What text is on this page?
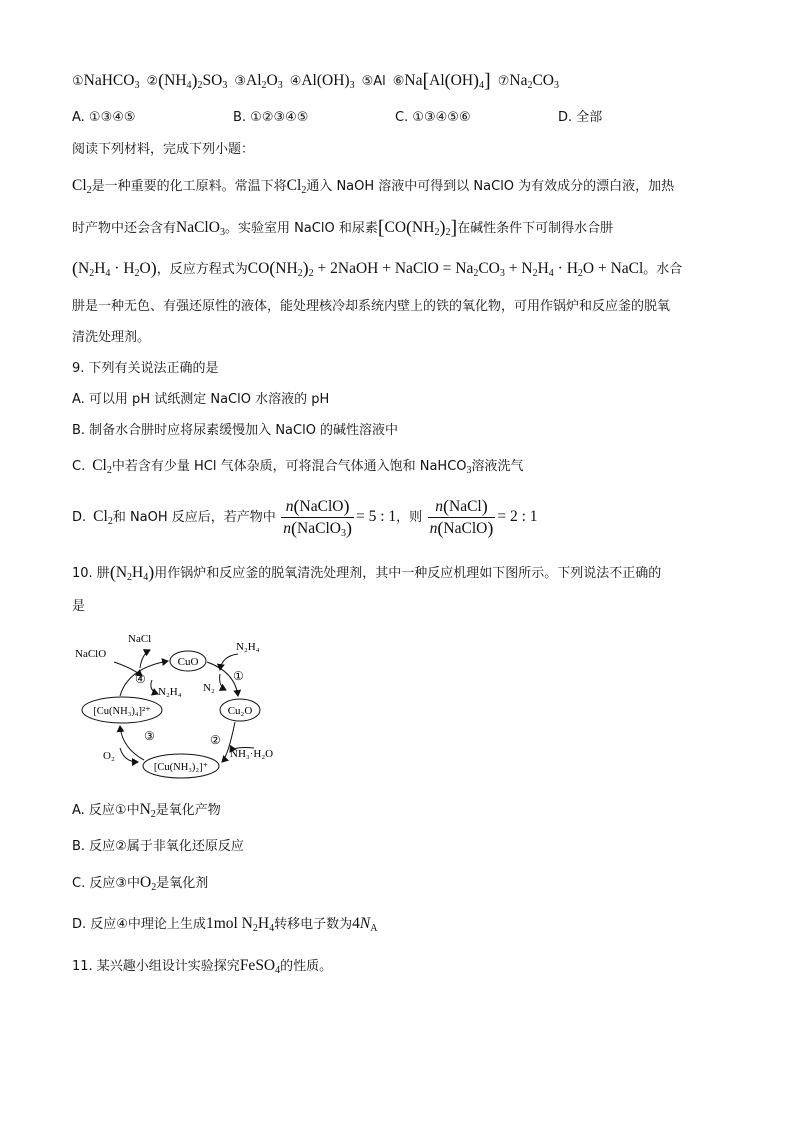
①NaHCO$_3$ $②(NH_4)_2SO_3$ $③Al_2O_3$ $④Al(OH)_3$ ⑤Al $⑥Na[Al(OH)_4]$ $⑦Na_2CO_3$
A. ①③④⑤	B. ①②③④⑤	C. ①③④⑤⑥	D. 全部
阅读下列材料，完成下列小题：
$Cl_2$是一种重要的化工原料。常温下将$Cl_2$通入 NaOH 溶液中可得到以 NaClO 为有效成分的漂白液，加热
时产物中还会含有NaClO$_3$。实验室用 NaClO 和尿素$[CO(NH_2)_2]$在碱性条件下可制得水合肼
$(N_2H_4 \cdot H_2O)$，反应方程式为$CO(NH_2)_2$ + 2NaOH + NaClO = $Na_2CO_3 + N_2H_4 \cdot H_2O$ + NaCl。水合
肼是一种无色、有强还原性的液体，能处理核冷却系统内壁上的铁的氧化物，可用作锅炉和反应釜的脱氧
清洗处理剂。
9. 下列有关说法正确的是
A. 可以用 pH 试纸测定 NaClO 水溶液的 pH
B. 制备水合肼时应将尿素缓慢加入 NaClO 的碱性溶液中
C. $Cl_2$中若含有少量 HCl 气体杂质，可将混合气体通入饱和 NaHCO$_3$溶液洗气
D. $Cl_2$和 NaOH 反应后，若产物中 $\frac{\text{n(NaClO)}}{n(NaClO_3)} = 5$ : 1，则 $\frac{\text{n(NaCl)}}{\text{n(NaClO)}} = 2$ : 1
10. 肼$(N_2H_4)$用作锅炉和反应釜的脱氧清洗处理剂，其中一种反应机理如下图所示。下列说法不正确的
是
CuO
Cu₂O
[Cu(NH₃)₄]²⁺
[Cu(NH₃)₂]⁺
NaClO
NaCl
N₂H₄
①
④
N₂H₄ N₂
③	②
O₂	NH₃·H₂O
A. 反应①中$N_2$是氧化产物
B. 反应②属于非氧化还原反应
C. 反应③中$O_2$是氧化剂
D. 反应④中理论上生成1mol $N_2H_4$转移电子数为$4N_A$
11. 某兴趣小组设计实验探究FeSO$_4$的性质。
